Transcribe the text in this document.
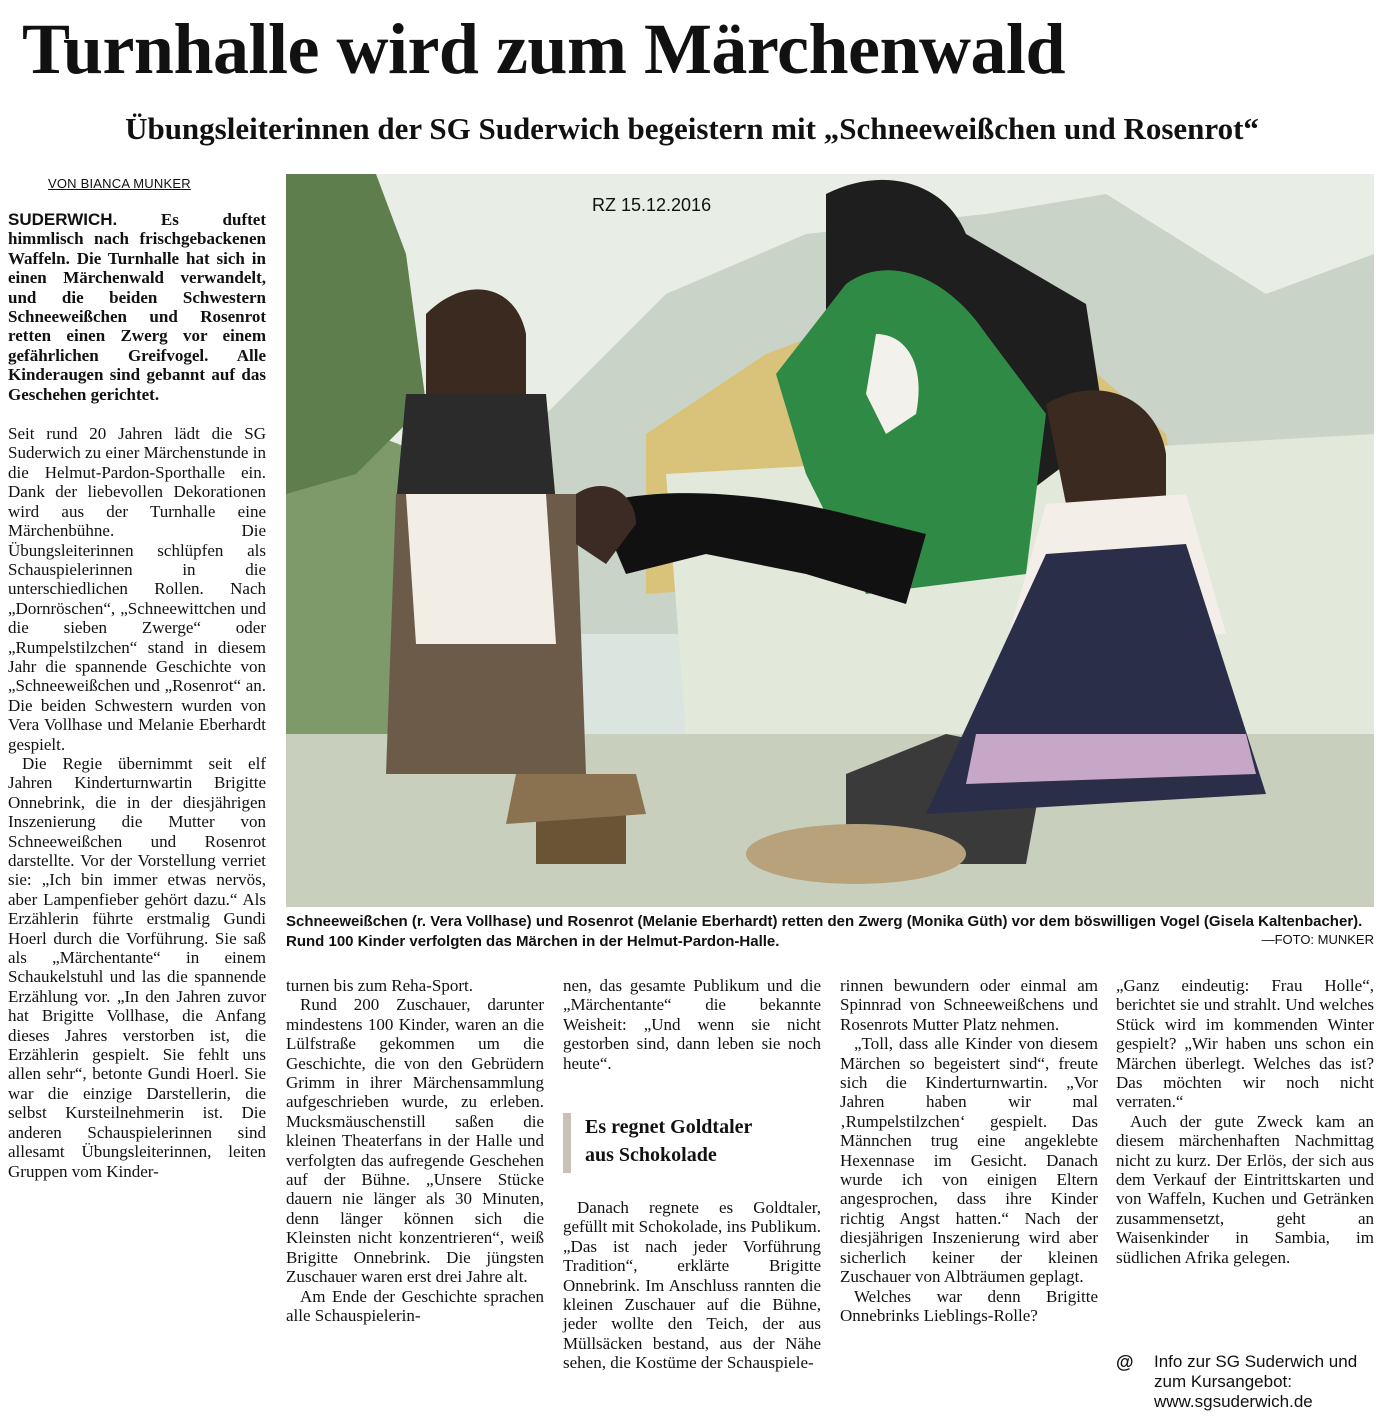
Turnhalle wird zum Märchenwald
Übungsleiterinnen der SG Suderwich begeistern mit „Schneeweißchen und Rosenrot“
VON BIANCA MUNKER

SUDERWICH.	Es duftet himmlisch nach frischgebackenen Waffeln. Die Turnhalle hat sich in einen Märchenwald verwandelt, und die beiden Schwestern Schneeweißchen und Rosenrot retten einen Zwerg vor einem gefährlichen Greifvogel. Alle Kinderaugen sind gebannt auf das Geschehen gerichtet.

Seit rund 20 Jahren lädt die SG Suderwich zu einer Märchenstunde in die Helmut-Pardon-Sporthalle ein. Dank der liebevollen Dekorationen wird aus der Turnhalle eine Märchenbühne. Die Übungsleiterinnen schlüpfen als Schauspielerinnen in die unterschiedlichen Rollen. Nach „Dornröschen“, „Schneewittchen und die sieben Zwerge“ oder „Rumpelstilzchen“ stand in diesem Jahr die spannende Geschichte von „Schneeweißchen und „Rosenrot“ an. Die beiden Schwestern wurden von Vera Vollhase und Melanie Eberhardt gespielt.

Die Regie übernimmt seit elf Jahren Kinderturnwartin Brigitte Onnebrink, die in der diesjährigen Inszenierung die Mutter von Schneeweißchen und Rosenrot darstellte. Vor der Vorstellung verriet sie: „Ich bin immer etwas nervös, aber Lampenfieber gehört dazu.“ Als Erzählerin führte erstmalig Gundi Hoerl durch die Vorführung. Sie saß als „Märchentante“ in einem Schaukelstuhl und las die spannende Erzählung vor. „In den Jahren zuvor hat Brigitte Vollhase, die Anfang dieses Jahres verstorben ist, die Erzählerin gespielt. Sie fehlt uns allen sehr“, betonte Gundi Hoerl. Sie war die einzige Darstellerin, die selbst Kursteilnehmerin ist. Die anderen Schauspielerinnen sind allesamt Übungsleiterinnen, leiten Gruppen vom Kinder-

RZ 15.12.2016
Schneeweißchen (r. Vera Vollhase) und Rosenrot (Melanie Eberhardt) retten den Zwerg (Monika Güth) vor dem böswilligen Vogel (Gisela Kaltenbacher). Rund 100 Kinder verfolgten das Märchen in der Helmut-Pardon-Halle.	—FOTO: MUNKER

turnen bis zum Reha-Sport.

Rund 200 Zuschauer, darunter mindestens 100 Kinder, waren an die Lülfstraße gekommen um die Geschichte, die von den Gebrüdern Grimm in ihrer Märchensammlung aufgeschrieben wurde, zu erleben. Mucksmäuschenstill saßen die kleinen Theaterfans in der Halle und verfolgten das aufregende Geschehen auf der Bühne. „Unsere Stücke dauern nie länger als 30 Minuten, denn länger können sich die Kleinsten nicht konzentrieren“, weiß Brigitte Onnebrink. Die jüngsten Zuschauer waren erst drei Jahre alt.

Am Ende der Geschichte sprachen alle Schauspielerin-

nen, das gesamte Publikum und die „Märchentante“ die bekannte Weisheit: „Und wenn sie nicht gestorben sind, dann leben sie noch heute“.

Es regnet Goldtaler
aus Schokolade

Danach regnete es Goldtaler, gefüllt mit Schokolade, ins Publikum. „Das ist nach jeder Vorführung Tradition“, erklärte Brigitte Onnebrink. Im Anschluss rannten die kleinen Zuschauer auf die Bühne, jeder wollte den Teich, der aus Müllsäcken bestand, aus der Nähe sehen, die Kostüme der Schauspiele-

rinnen bewundern oder einmal am Spinnrad von Schneeweißchens und Rosenrots Mutter Platz nehmen.

„Toll, dass alle Kinder von diesem Märchen so begeistert sind“, freute sich die Kinderturnwartin. „Vor Jahren haben wir mal ‚Rumpelstilzchen‘ gespielt. Das Männchen trug eine angeklebte Hexennase im Gesicht. Danach wurde ich von einigen Eltern angesprochen, dass ihre Kinder richtig Angst hatten.“ Nach der diesjährigen Inszenierung wird aber sicherlich keiner der kleinen Zuschauer von Albträumen geplagt.

Welches war denn Brigitte Onnebrinks Lieblings-Rolle?

„Ganz eindeutig: Frau Holle“, berichtet sie und strahlt. Und welches Stück wird im kommenden Winter gespielt? „Wir haben uns schon ein Märchen überlegt. Welches das ist? Das möchten wir noch nicht verraten.“

Auch der gute Zweck kam an diesem märchenhaften Nachmittag nicht zu kurz. Der Erlös, der sich aus dem Verkauf der Eintrittskarten und von Waffeln, Kuchen und Getränken zusammensetzt, geht an Waisenkinder in Sambia, im südlichen Afrika gelegen.

@ Info zur SG Suderwich und zum Kursangebot: www.sgsuderwich.de
